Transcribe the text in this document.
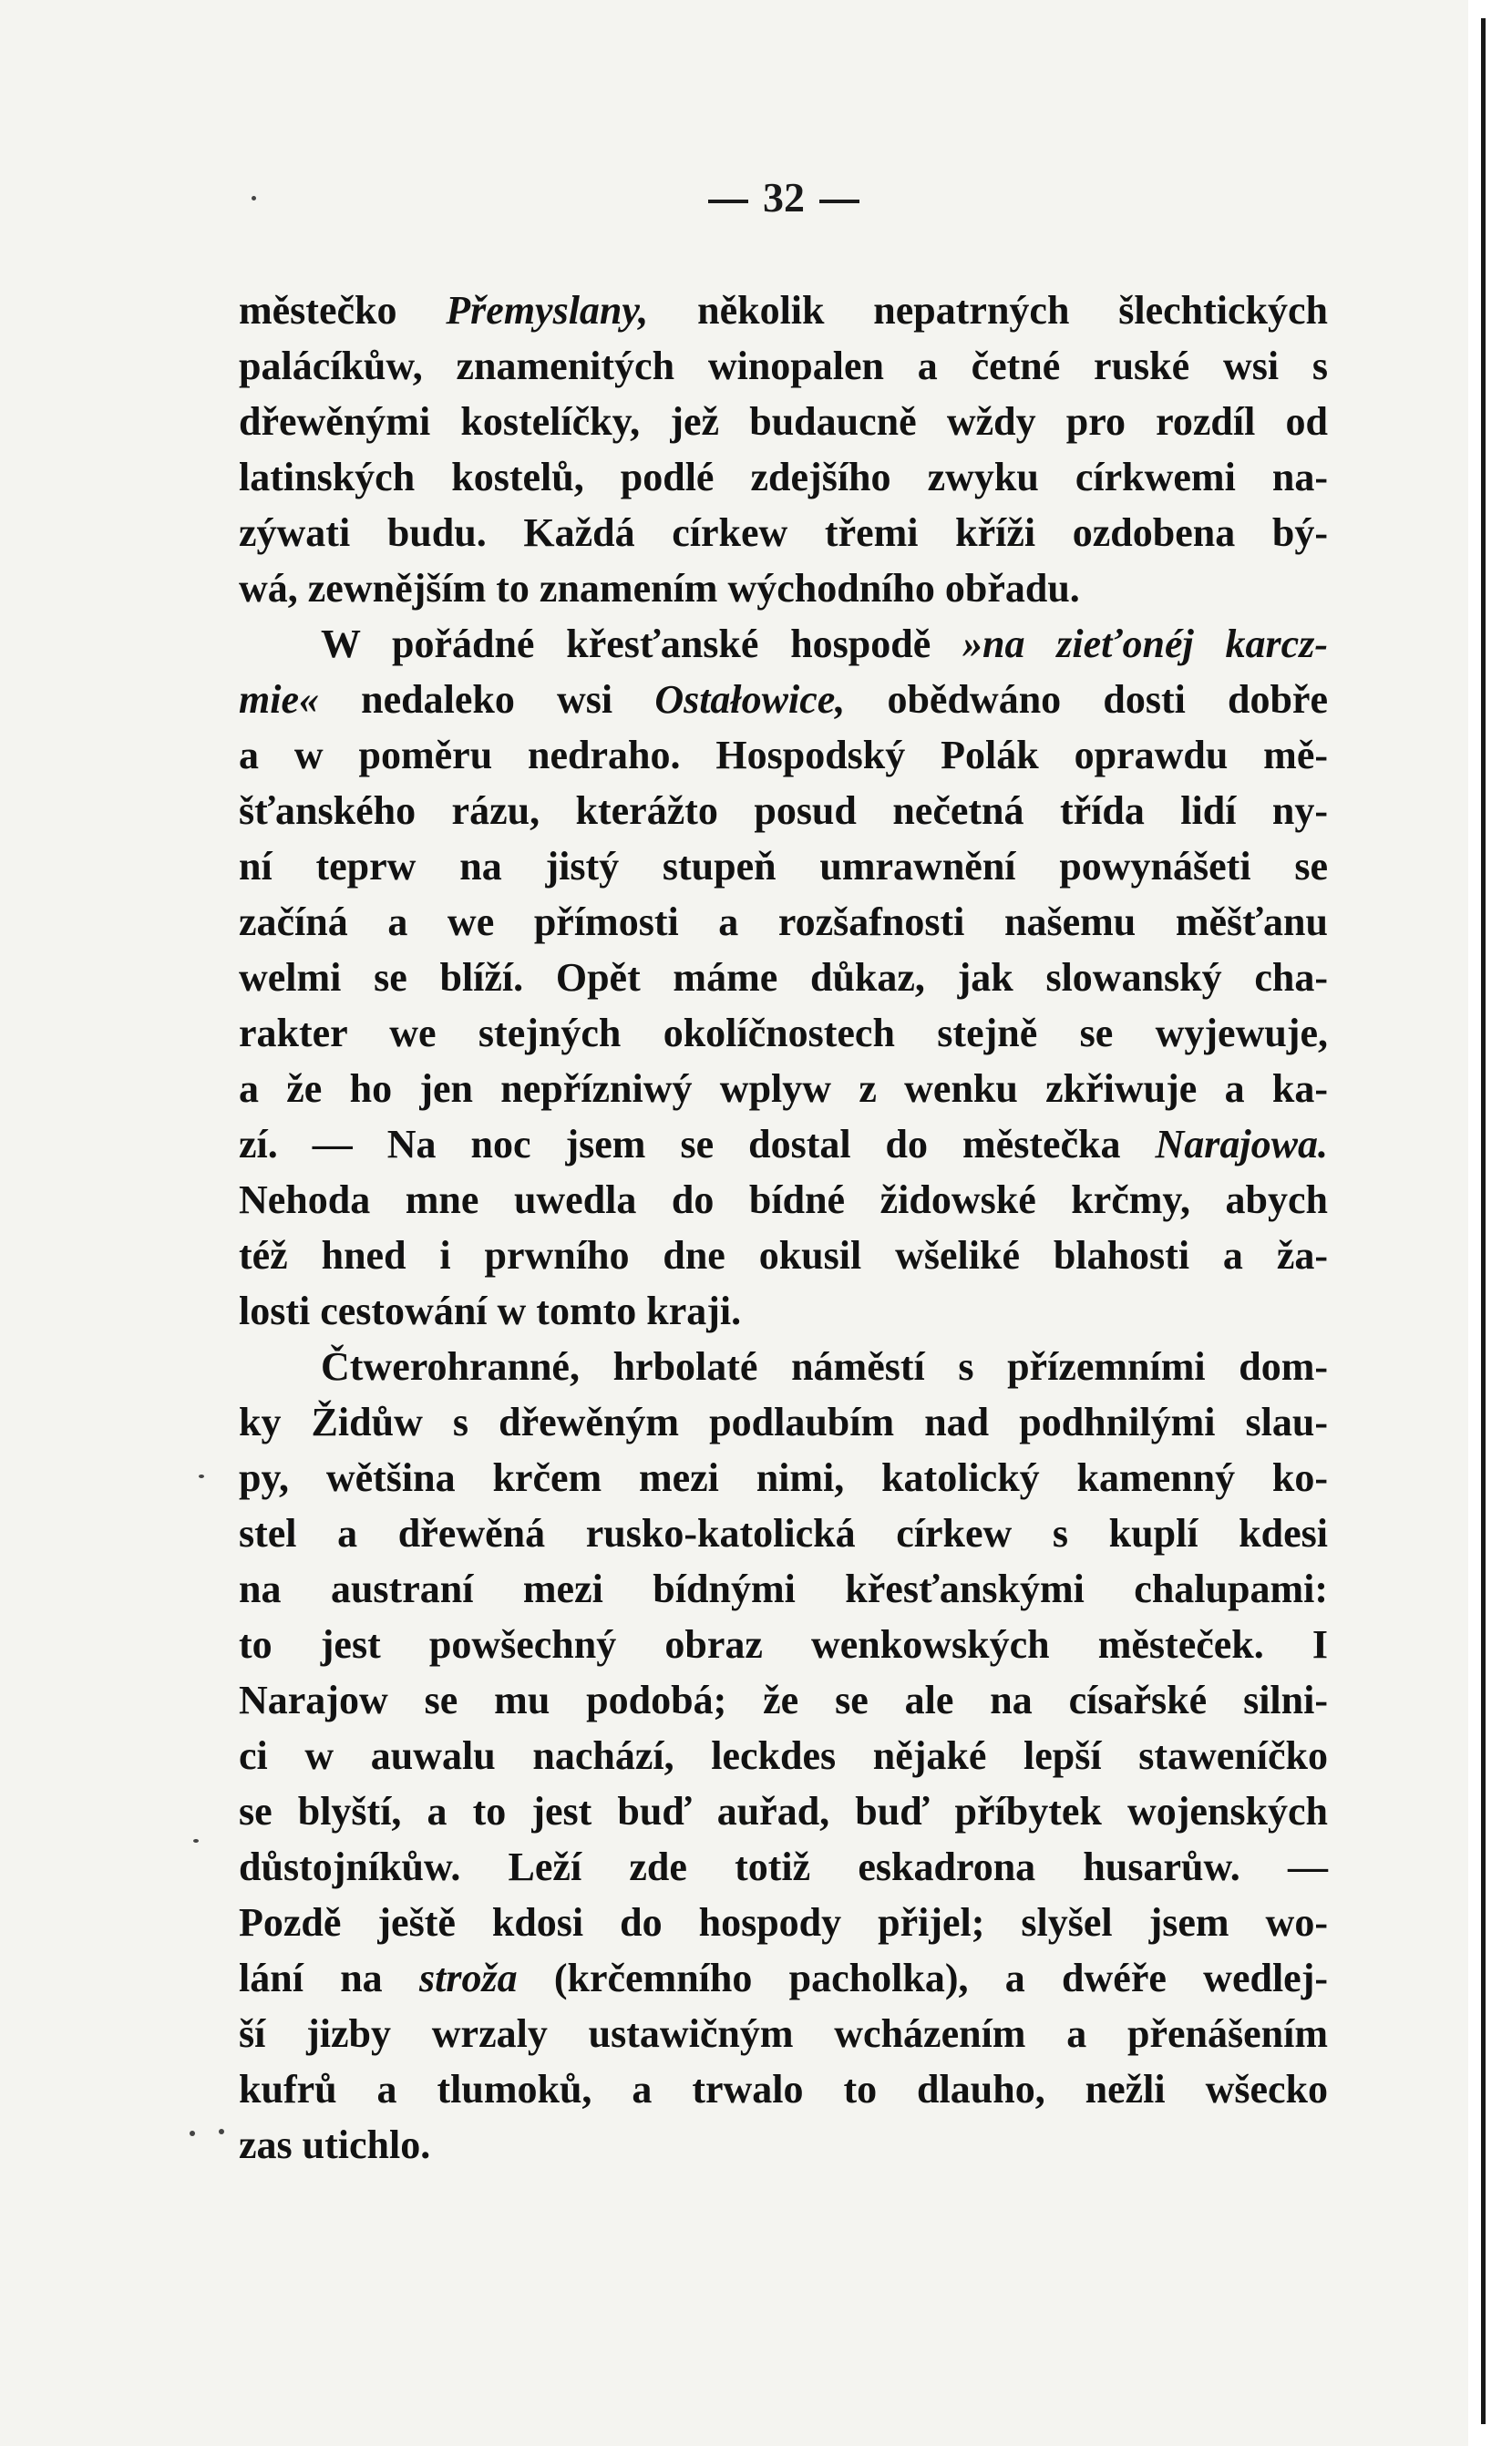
32
městečko Přemyslany, několik nepatrných šlechtických
palácíkůw, znamenitých winopalen a četné ruské wsi s
dřewěnými kostelíčky, jež budaucně wždy pro rozdíl od
latinských kostelů, podlé zdejšího zwyku církwemi na-
zýwati budu. Každá církew třemi kříži ozdobena bý-
wá, zewnějším to znamením wýchodního obřadu.
W pořádné křesťanské hospodě »na zieťonéj karcz-
mie« nedaleko wsi Ostałowice, obědwáno dosti dobře
a w poměru nedraho. Hospodský Polák oprawdu mě-
šťanského rázu, kterážto posud nečetná třída lidí ny-
ní teprw na jistý stupeň umrawnění powynášeti se
začíná a we přímosti a rozšafnosti našemu měšťanu
welmi se blíží. Opět máme důkaz, jak slowanský cha-
rakter we stejných okolíčnostech stejně se wyjewuje,
a že ho jen nepřízniwý wplyw z wenku zkřiwuje a ka-
zí. — Na noc jsem se dostal do městečka Narajowa.
Nehoda mne uwedla do bídné židowské krčmy, abych
též hned i prwního dne okusil wšeliké blahosti a ža-
losti cestowání w tomto kraji.
Čtwerohranné, hrbolaté náměstí s přízemními dom-
ky Židůw s dřewěným podlaubím nad podhnilými slau-
py, wětšina krčem mezi nimi, katolický kamenný ko-
stel a dřewěná rusko-katolická církew s kuplí kdesi
na austraní mezi bídnými křesťanskými chalupami:
to jest powšechný obraz wenkowských městeček. I
Narajow se mu podobá; že se ale na císařské silni-
ci w auwalu nachází, leckdes nějaké lepší staweníčko
se blyští, a to jest buď auřad, buď příbytek wojenských
důstojníkůw. Leží zde totiž eskadrona husarůw. —
Pozdě ještě kdosi do hospody přijel; slyšel jsem wo-
lání na stroža (krčemního pacholka), a dwéře wedlej-
ší jizby wrzaly ustawičným wcházením a přenášením
kufrů a tlumoků, a trwalo to dlauho, nežli wšecko
zas utichlo.
